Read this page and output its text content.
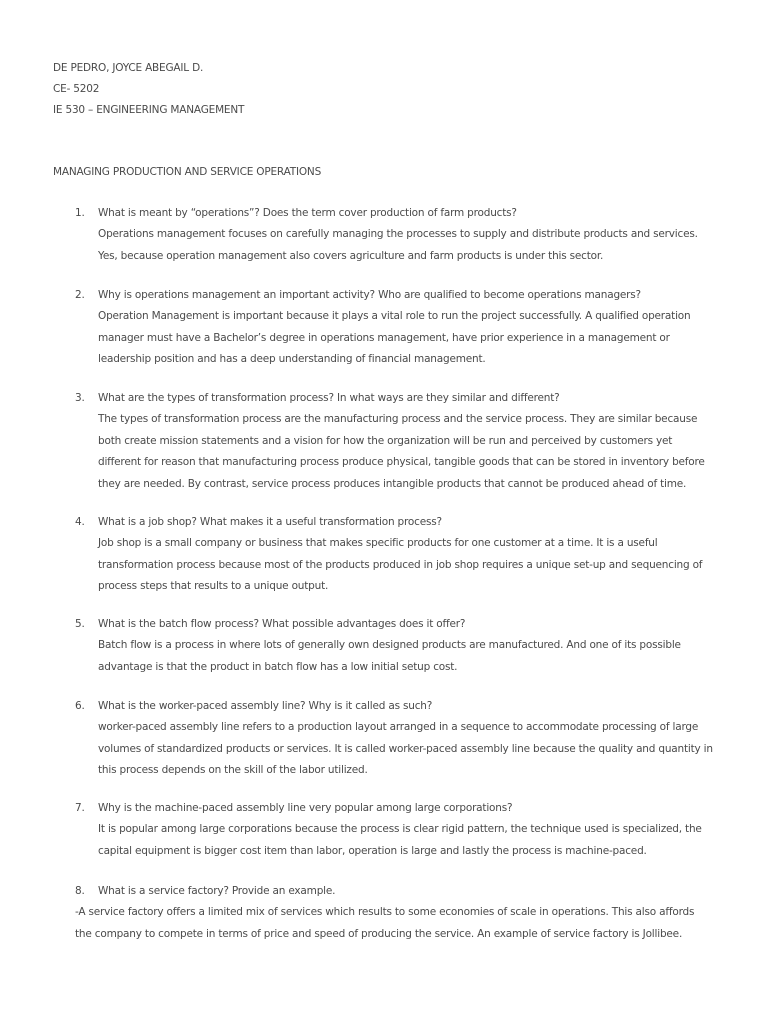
DE PEDRO, JOYCE ABEGAIL D.
CE- 5202
IE 530 – ENGINEERING MANAGEMENT
MANAGING PRODUCTION AND SERVICE OPERATIONS
1. What is meant by “operations”? Does the term cover production of farm products?
Operations management focuses on carefully managing the processes to supply and distribute products and services. Yes, because operation management also covers agriculture and farm products is under this sector.
2. Why is operations management an important activity? Who are qualified to become operations managers?
Operation Management is important because it plays a vital role to run the project successfully. A qualified operation manager must have a Bachelor’s degree in operations management, have prior experience in a management or leadership position and has a deep understanding of financial management.
3. What are the types of transformation process? In what ways are they similar and different?
The types of transformation process are the manufacturing process and the service process. They are similar because both create mission statements and a vision for how the organization will be run and perceived by customers yet different for reason that manufacturing process produce physical, tangible goods that can be stored in inventory before they are needed. By contrast, service process produces intangible products that cannot be produced ahead of time.
4. What is a job shop? What makes it a useful transformation process?
Job shop is a small company or business that makes specific products for one customer at a time. It is a useful transformation process because most of the products produced in job shop requires a unique set-up and sequencing of process steps that results to a unique output.
5. What is the batch flow process? What possible advantages does it offer?
Batch flow is a process in where lots of generally own designed products are manufactured. And one of its possible advantage is that the product in batch flow has a low initial setup cost.
6. What is the worker-paced assembly line? Why is it called as such?
worker-paced assembly line refers to a production layout arranged in a sequence to accommodate processing of large volumes of standardized products or services. It is called worker-paced assembly line because the quality and quantity in this process depends on the skill of the labor utilized.
7. Why is the machine-paced assembly line very popular among large corporations?
It is popular among large corporations because the process is clear rigid pattern, the technique used is specialized, the capital equipment is bigger cost item than labor, operation is large and lastly the process is machine-paced.
8. What is a service factory? Provide an example.
-A service factory offers a limited mix of services which results to some economies of scale in operations. This also affords the company to compete in terms of price and speed of producing the service. An example of service factory is Jollibee.
